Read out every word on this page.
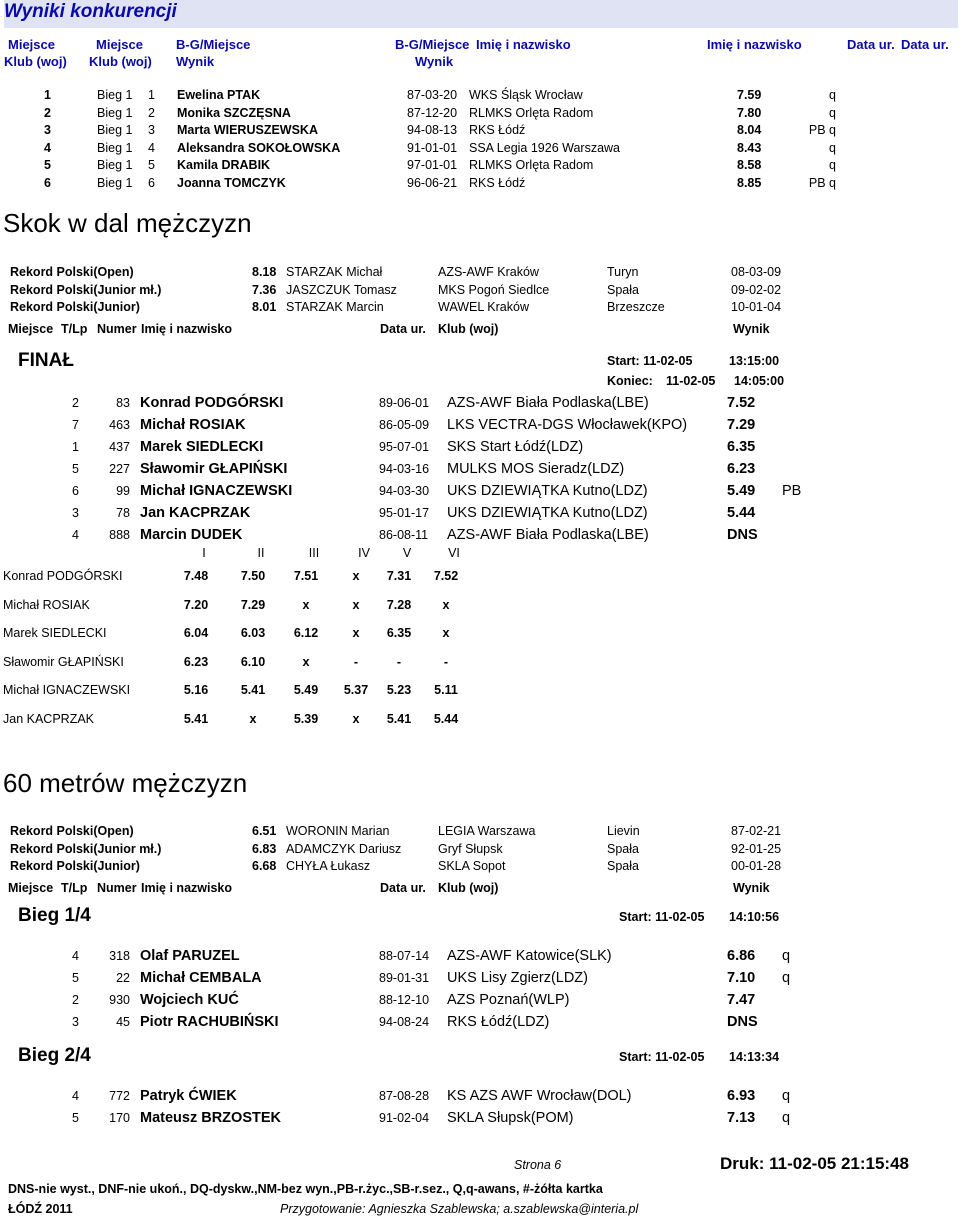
Wyniki konkurencji
Miejsce	Miejsce	B-G/Miejsce	B-G/Miejsce Imię i nazwisko	Imię i nazwisko	Data ur. Data ur.
Klub (woj) Klub (woj) Wynik	Wynik
1	Bieg 1 1 Ewelina PTAK	87-03-20 WKS Śląsk Wrocław	7.59	q
2	Bieg 1 2 Monika SZCZĘSNA	87-12-20 RLMKS Orlęta Radom	7.80	q
3	Bieg 1 3 Marta WIERUSZEWSKA	94-08-13 RKS Łódź	8.04	PB q
4	Bieg 1 4 Aleksandra SOKOŁOWSKA	91-01-01 SSA Legia 1926 Warszawa	8.43	q
5	Bieg 1 5 Kamila DRABIK	97-01-01 RLMKS Orlęta Radom	8.58	q
6	Bieg 1 6 Joanna TOMCZYK	96-06-21 RKS Łódź	8.85	PB q
Skok w dal mężczyzn
Rekord Polski(Open)	8.18 STARZAK Michał	AZS-AWF Kraków	Turyn	08-03-09
Rekord Polski(Junior mł.)	7.36 JASZCZUK Tomasz	MKS Pogoń Siedlce	Spała	09-02-02
Rekord Polski(Junior)	8.01 STARZAK Marcin	WAWEL Kraków	Brzeszcze	10-01-04
Miejsce T/Lp Numer Imię i nazwisko	Data ur. Klub (woj)	Wynik
FINAŁ	Start: 11-02-05	13:15:00
Koniec: 11-02-05 14:05:00
2	83 Konrad PODGÓRSKI	89-06-01 AZS-AWF Biała Podlaska(LBE)	7.52
7	463 Michał ROSIAK	86-05-09 LKS VECTRA-DGS Włocławek(KPO)	7.29
1	437 Marek SIEDLECKI	95-07-01 SKS Start Łódź(LDZ)	6.35
5	227 Sławomir GŁAPIŃSKI	94-03-16 MULKS MOS Sieradz(LDZ)	6.23
6	99 Michał IGNACZEWSKI	94-03-30 UKS DZIEWIĄTKA Kutno(LDZ)	5.49 PB
3	78 Jan KACPRZAK	95-01-17 UKS DZIEWIĄTKA Kutno(LDZ)	5.44
4	888 Marcin DUDEK	86-08-11 AZS-AWF Biała Podlaska(LBE)	DNS
I	II	III	IV	V	VI
Konrad PODGÓRSKI	7.48	7.50	7.51	x	7.31	7.52
Michał ROSIAK	7.20	7.29	x	x	7.28	x
Marek SIEDLECKI	6.04	6.03	6.12	x	6.35	x
Sławomir GŁAPIŃSKI	6.23	6.10	x	-	-	-
Michał IGNACZEWSKI	5.16	5.41	5.49	5.37	5.23	5.11
Jan KACPRZAK	5.41	x	5.39	x	5.41	5.44
60 metrów mężczyzn
Rekord Polski(Open)	6.51 WORONIN Marian	LEGIA Warszawa	Lievin	87-02-21
Rekord Polski(Junior mł.)	6.83 ADAMCZYK Dariusz	Gryf Słupsk	Spała	92-01-25
Rekord Polski(Junior)	6.68 CHYŁA Łukasz	SKLA Sopot	Spała	00-01-28
Miejsce T/Lp Numer Imię i nazwisko	Data ur. Klub (woj)	Wynik
Bieg 1/4	Start: 11-02-05 14:10:56
4	318 Olaf PARUZEL	88-07-14 AZS-AWF Katowice(SLK)	6.86 q
5	22 Michał CEMBALA	89-01-31 UKS Lisy Zgierz(LDZ)	7.10 q
2	930 Wojciech KUĆ	88-12-10 AZS Poznań(WLP)	7.47
3	45 Piotr RACHUBIŃSKI	94-08-24 RKS Łódź(LDZ)	DNS
Bieg 2/4	Start: 11-02-05 14:13:34
4	772 Patryk ĆWIEK	87-08-28 KS AZS AWF Wrocław(DOL)	6.93 q
5	170 Mateusz BRZOSTEK	91-02-04 SKLA Słupsk(POM)	7.13 q
Strona 6	Druk: 11-02-05 21:15:48
DNS-nie wyst., DNF-nie ukoń., DQ-dyskw.,NM-bez wyn.,PB-r.życ.,SB-r.sez., Q,q-awans, #-żółta kartka
ŁÓDŹ 2011	Przygotowanie: Agnieszka Szablewska; a.szablewska@interia.pl
